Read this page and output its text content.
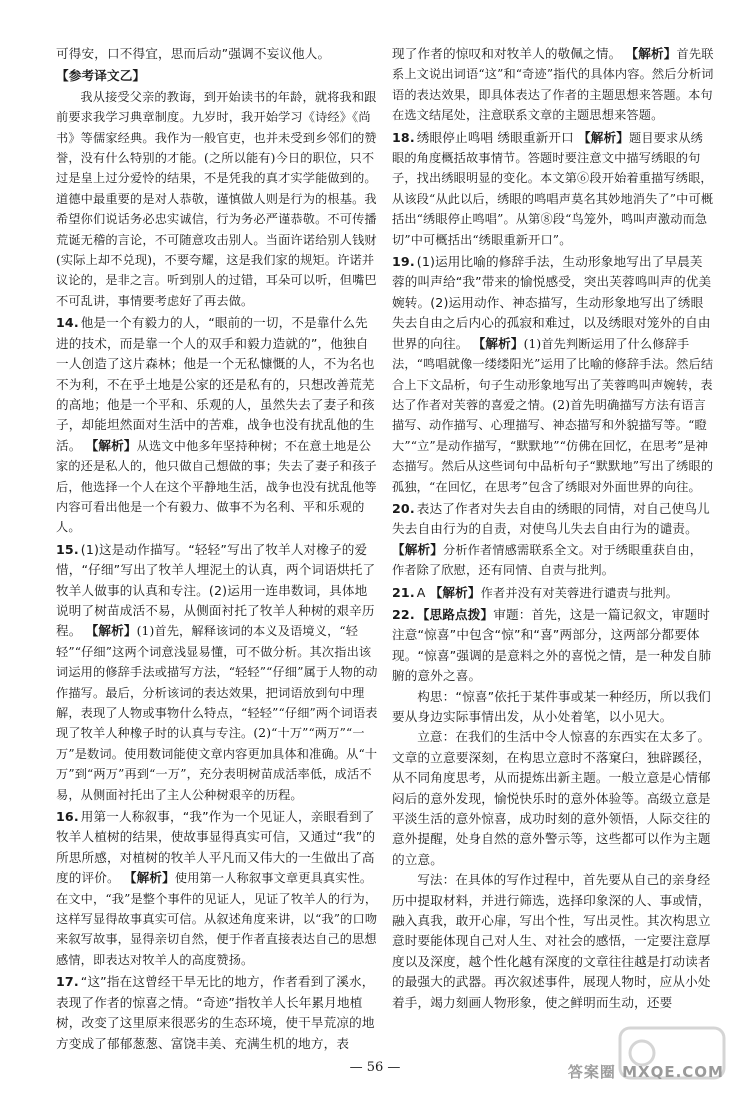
可得安，口不得宜，思而后动”强调不妄议他人。
【参考译文乙】
我从接受父亲的教诲，到开始读书的年龄，就将我和跟前要求我学习典章制度。九岁时，我开始学习《诗经》《尚书》等儒家经典。我作为一般官吏，也并未受到乡邻们的赞誉，没有什么特别的才能。(之所以能有)今日的职位，只不过是皇上过分爱怜的结果，不是凭我的真才实学能做到的。道德中最重要的是对人恭敬，谨慎做人则是行为的根基。我希望你们说话务必忠实诚信，行为务必严谨恭敬。不可传播荒诞无稽的言论，不可随意攻击别人。当面许诺给别人钱财(实际上却不兑现)，不要夸耀，这是我们家的规矩。许诺并议论的，是非之言。听到别人的过错，耳朵可以听，但嘴巴不可乱讲，事情要考虑好了再去做。
14. 他是一个有毅力的人，“眼前的一切，不是靠什么先进的技术，而是靠一个人的双手和毅力造就的”，他独自一人创造了这片森林；他是一个无私慷慨的人，不为名也不为利，不在乎土地是公家的还是私有的，只想改善荒芜的高地；他是一个平和、乐观的人，虽然失去了妻子和孩子，却能坦然面对生活中的苦难，战争也没有扰乱他的生活。 【解析】从选文中他多年坚持种树；不在意土地是公家的还是私人的，他只做自己想做的事；失去了妻子和孩子后，他选择一个人在这个平静地生活，战争也没有扰乱他等内容可看出他是一个有毅力、做事不为名利、平和乐观的人。
15. (1)这是动作描写。“轻轻”写出了牧羊人对橡子的爱惜，“仔细”写出了牧羊人埋泥土的认真，两个词语烘托了牧羊人做事的认真和专注。(2)运用一连串数词，具体地说明了树苗成活不易，从侧面衬托了牧羊人种树的艰辛历程。 【解析】(1)首先，解释该词的本义及语境义，“轻轻”“仔细”这两个词意浅显易懂，可不做分析。其次指出该词运用的修辞手法或描写方法，“轻轻”“仔细”属于人物的动作描写。最后，分析该词的表达效果，把词语放到句中理解，表现了人物或事物什么特点，“轻轻”“仔细”两个词语表现了牧羊人种橡子时的认真与专注。(2)“十万”“两万”“一万”是数词。使用数词能使文章内容更加具体和准确。从“十万”到“两万”再到“一万”，充分表明树苗成活率低，成活不易，从侧面衬托出了主人公种树艰辛的历程。
16. 用第一人称叙事，“我”作为一个见证人，亲眼看到了牧羊人植树的结果，使故事显得真实可信，又通过“我”的所思所感，对植树的牧羊人平凡而又伟大的一生做出了高度的评价。 【解析】使用第一人称叙事文章更具真实性。在文中，“我”是整个事件的见证人，见证了牧羊人的行为，这样写显得故事真实可信。从叙述角度来讲，以“我”的口吻来叙写故事，显得亲切自然，便于作者直接表达自己的思想感情，即表达对牧羊人的高度赞扬。
17. “这”指在这曾经干旱无比的地方，作者看到了溪水，表现了作者的惊喜之情。“奇迹”指牧羊人长年累月地植树，改变了这里原来很恶劣的生态环境，使干旱荒凉的地方变成了郁郁葱葱、富饶丰美、充满生机的地方，表
现了作者的惊叹和对牧羊人的敬佩之情。 【解析】首先联系上文说出词语“这”和“奇迹”指代的具体内容。然后分析词语的表达效果，即具体表达了作者的主题思想来答题。本句在选文结尾处，注意联系文章的主题思想来答题。
18. 绣眼停止鸣唱 绣眼重新开口 【解析】题目要求从绣眼的角度概括故事情节。答题时要注意文中描写绣眼的句子，找出绣眼明显的变化。本文第⑥段开始着重描写绣眼，从该段“从此以后，绣眼的鸣唱声莫名其妙地消失了”中可概括出“绣眼停止鸣唱”。从第⑧段“鸟笼外，鸣叫声激动而急切”中可概括出“绣眼重新开口”。
19. (1)运用比喻的修辞手法，生动形象地写出了早晨芙蓉的叫声给“我”带来的愉悦感受，突出芙蓉鸣叫声的优美婉转。(2)运用动作、神态描写，生动形象地写出了绣眼失去自由之后内心的孤寂和难过，以及绣眼对笼外的自由世界的向往。 【解析】(1)首先判断运用了什么修辞手法，“鸣唱就像一缕缕阳光”运用了比喻的修辞手法。然后结合上下文品析，句子生动形象地写出了芙蓉鸣叫声婉转，表达了作者对芙蓉的喜爱之情。(2)首先明确描写方法有语言描写、动作描写、心理描写、神态描写和外貌描写等。“瞪大”“立”是动作描写，“默默地”“仿佛在回忆，在思考”是神态描写。然后从这些词句中品析句子“默默地”写出了绣眼的孤独，“在回忆，在思考”包含了绣眼对外面世界的向往。
20. 表达了作者对失去自由的绣眼的同情，对自己使鸟儿失去自由行为的自责，对使鸟儿失去自由行为的谴责。 【解析】分析作者情感需联系全文。对于绣眼重获自由，作者除了欣慰，还有同情、自责与批判。
21. A 【解析】作者并没有对芙蓉进行谴责与批判。
22. 【思路点拨】审题：首先，这是一篇记叙文，审题时注意“惊喜”中包含“惊”和“喜”两部分，这两部分都要体现。“惊喜”强调的是意料之外的喜悦之情，是一种发自肺腑的意外之喜。
构思：“惊喜”依托于某件事或某一种经历，所以我们要从身边实际事情出发，从小处着笔，以小见大。
立意：在我们的生活中令人惊喜的东西实在太多了。文章的立意要深刻，在构思立意时不落窠臼，独辟蹊径，从不同角度思考，从而提炼出新主题。一般立意是心情郁闷后的意外发现，愉悦快乐时的意外体验等。高级立意是平淡生活的意外惊喜，成功时刻的意外领悟，人际交往的意外提醒，处身自然的意外警示等，这些都可以作为主题的立意。
写法：在具体的写作过程中，首先要从自己的亲身经历中提取材料，并进行筛选，选择印象深的人、事或情，融入真我，敢开心扉，写出个性，写出灵性。其次构思立意时要能体现自己对人生、对社会的感悟，一定要注意厚度以及深度，越个性化越有深度的文章往往越是打动读者的最强大的武器。再次叙述事件，展现人物时，应从小处着手，竭力刻画人物形象，使之鲜明而生动，还要
— 56 —	答案圈 MXQE.COM
